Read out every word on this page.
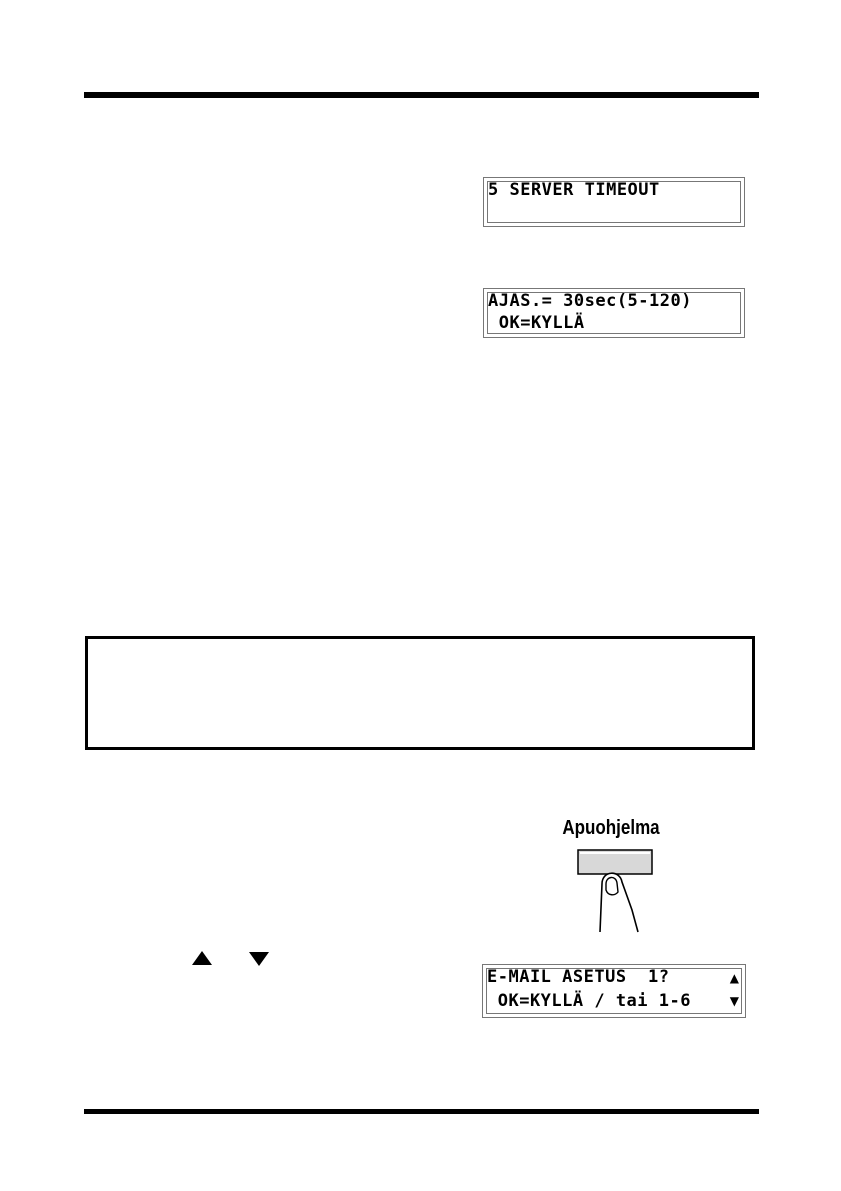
5 SERVER TIMEOUT
AJAS.= 30sec(5-120)
OK=KYLLÄ
Apuohjelma
E-MAIL ASETUS  1?
OK=KYLLÄ / tai 1-6
▲
▼
